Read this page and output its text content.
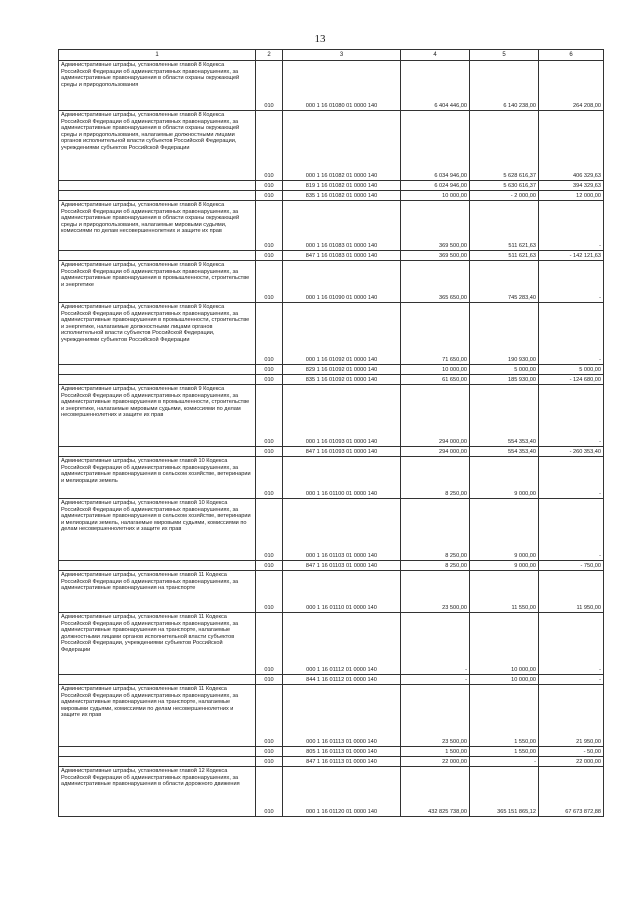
13
1	2	3	4	5	6
Административные штрафы, установленные главой 8 Кодекса Российской Федерации об административных правонарушениях, за административные правонарушения в области охраны окружающей среды и природопользования	010	000 1 16 01080 01 0000 140	6 404 446,00	6 140 238,00	264 208,00
Административные штрафы, установленные главой 8 Кодекса Российской Федерации об административных правонарушениях, за административные правонарушения в области охраны окружающей среды и природопользования, налагаемые должностными лицами органов исполнительной власти субъектов Российской Федерации, учреждениями субъектов Российской Федерации	010	000 1 16 01082 01 0000 140	6 034 946,00	5 628 616,37	406 329,63
	010	819 1 16 01082 01 0000 140	6 024 946,00	5 630 616,37	394 329,63
	010	835 1 16 01082 01 0000 140	10 000,00	- 2 000,00	12 000,00
Административные штрафы, установленные главой 8 Кодекса Российской Федерации об административных правонарушениях, за административные правонарушения в области охраны окружающей среды и природопользования, налагаемые мировыми судьями, комиссиями по делам несовершеннолетних и защите их прав	010	000 1 16 01083 01 0000 140	369 500,00	511 621,63	-
	010	847 1 16 01083 01 0000 140	369 500,00	511 621,63	- 142 121,63
Административные штрафы, установленные главой 9 Кодекса Российской Федерации об административных правонарушениях, за административные правонарушения в промышленности, строительстве и энергетике	010	000 1 16 01090 01 0000 140	365 650,00	745 283,40	-
Административные штрафы, установленные главой 9 Кодекса Российской Федерации об административных правонарушениях, за административные правонарушения в промышленности, строительстве и энергетике, налагаемые должностными лицами органов исполнительной власти субъектов Российской Федерации, учреждениями субъектов Российской Федерации	010	000 1 16 01092 01 0000 140	71 650,00	190 930,00	-
	010	829 1 16 01092 01 0000 140	10 000,00	5 000,00	5 000,00
	010	835 1 16 01092 01 0000 140	61 650,00	185 930,00	- 124 680,00
Административные штрафы, установленные главой 9 Кодекса Российской Федерации об административных правонарушениях, за административные правонарушения в промышленности, строительстве и энергетике, налагаемые мировыми судьями, комиссиями по делам несовершеннолетних и защите их прав	010	000 1 16 01093 01 0000 140	294 000,00	554 353,40	-
	010	847 1 16 01093 01 0000 140	294 000,00	554 353,40	- 260 353,40
Административные штрафы, установленные главой 10 Кодекса Российской Федерации об административных правонарушениях, за административные правонарушения в сельском хозяйстве, ветеринарии и мелиорации земель	010	000 1 16 01100 01 0000 140	8 250,00	9 000,00	-
Административные штрафы, установленные главой 10 Кодекса Российской Федерации об административных правонарушениях, за административные правонарушения в сельском хозяйстве, ветеринарии и мелиорации земель, налагаемые мировыми судьями, комиссиями по делам несовершеннолетних и защите их прав	010	000 1 16 01103 01 0000 140	8 250,00	9 000,00	-
	010	847 1 16 01103 01 0000 140	8 250,00	9 000,00	- 750,00
Административные штрафы, установленные главой 11 Кодекса Российской Федерации об административных правонарушениях, за административные правонарушения на транспорте	010	000 1 16 01110 01 0000 140	23 500,00	11 550,00	11 950,00
Административные штрафы, установленные главой 11 Кодекса Российской Федерации об административных правонарушениях, за административные правонарушения на транспорте, налагаемые должностными лицами органов исполнительной власти субъектов Российской Федерации, учреждениями субъектов Российской Федерации	010	000 1 16 01112 01 0000 140	-	10 000,00	-
	010	844 1 16 01112 01 0000 140	-	10 000,00	-
Административные штрафы, установленные главой 11 Кодекса Российской Федерации об административных правонарушениях, за административные правонарушения на транспорте, налагаемые мировыми судьями, комиссиями по делам несовершеннолетних и защите их прав	010	000 1 16 01113 01 0000 140	23 500,00	1 550,00	21 950,00
	010	805 1 16 01113 01 0000 140	1 500,00	1 550,00	- 50,00
	010	847 1 16 01113 01 0000 140	22 000,00	-	22 000,00
Административные штрафы, установленные главой 12 Кодекса Российской Федерации об административных правонарушениях, за административные правонарушения в области дорожного движения	010	000 1 16 01120 01 0000 140	432 825 738,00	365 151 865,12	67 673 872,88
